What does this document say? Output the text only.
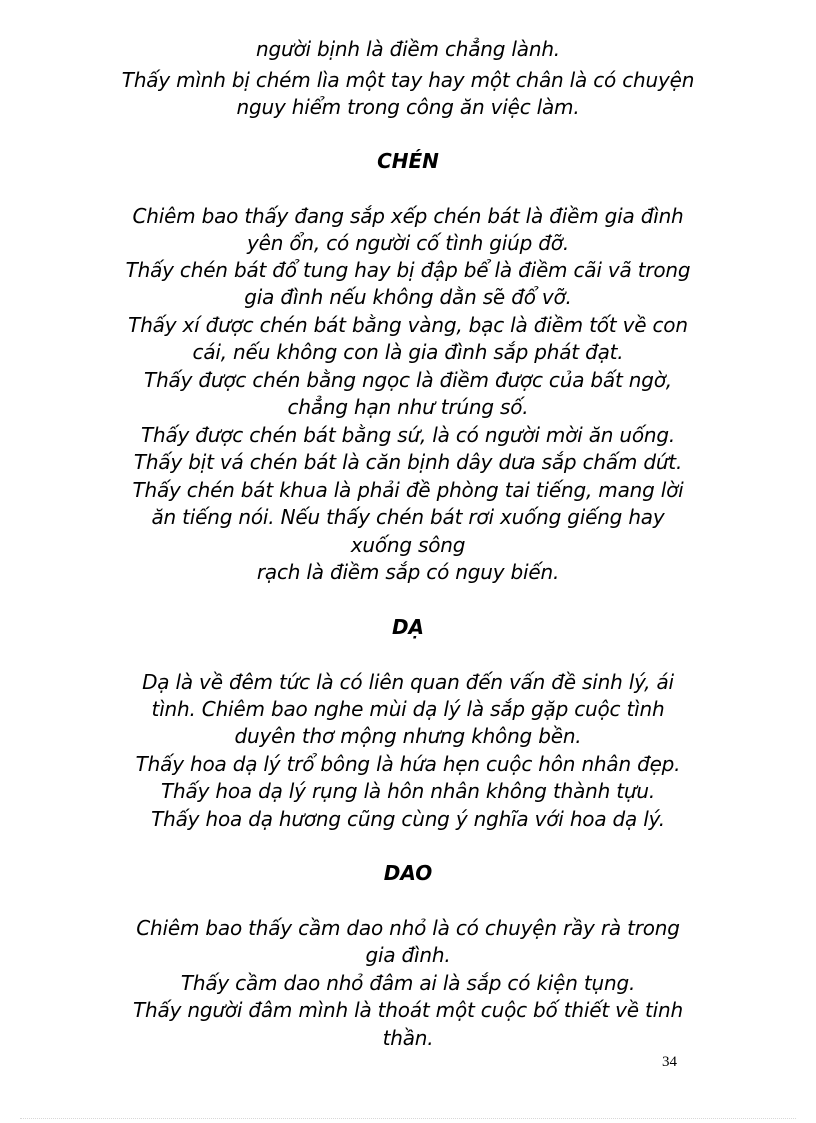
người bịnh là điềm chẳng lành.
Thấy mình bị chém lìa một tay hay một chân là có chuyện
nguy hiểm trong công ăn việc làm.
CHÉN
Chiêm bao thấy đang sắp xếp chén bát là điềm gia đình
yên ổn, có người cố tình giúp đỡ.
Thấy chén bát đổ tung hay bị đập bể là điềm cãi vã trong
gia đình nếu không dằn sẽ đổ vỡ.
Thấy xí được chén bát bằng vàng, bạc là điềm tốt về con
cái, nếu không con là gia đình sắp phát đạt.
Thấy được chén bằng ngọc là điềm được của bất ngờ,
chẳng hạn như trúng số.
Thấy được chén bát bằng sứ, là có người mời ăn uống.
Thấy bịt vá chén bát là căn bịnh dây dưa sắp chấm dứt.
Thấy chén bát khua là phải đề phòng tai tiếng, mang lời
ăn tiếng nói. Nếu thấy chén bát rơi xuống giếng hay
xuống sông
rạch là điềm sắp có nguy biến.
DẠ
Dạ là về đêm tức là có liên quan đến vấn đề sinh lý, ái
tình. Chiêm bao nghe mùi dạ lý là sắp gặp cuộc tình
duyên thơ mộng nhưng không bền.
Thấy hoa dạ lý trổ bông là hứa hẹn cuộc hôn nhân đẹp.
Thấy hoa dạ lý rụng là hôn nhân không thành tựu.
Thấy hoa dạ hương cũng cùng ý nghĩa với hoa dạ lý.
DAO
Chiêm bao thấy cầm dao nhỏ là có chuyện rầy rà trong
gia đình.
Thấy cầm dao nhỏ đâm ai là sắp có kiện tụng.
Thấy người đâm mình là thoát một cuộc bố thiết về tinh
thần.
34
